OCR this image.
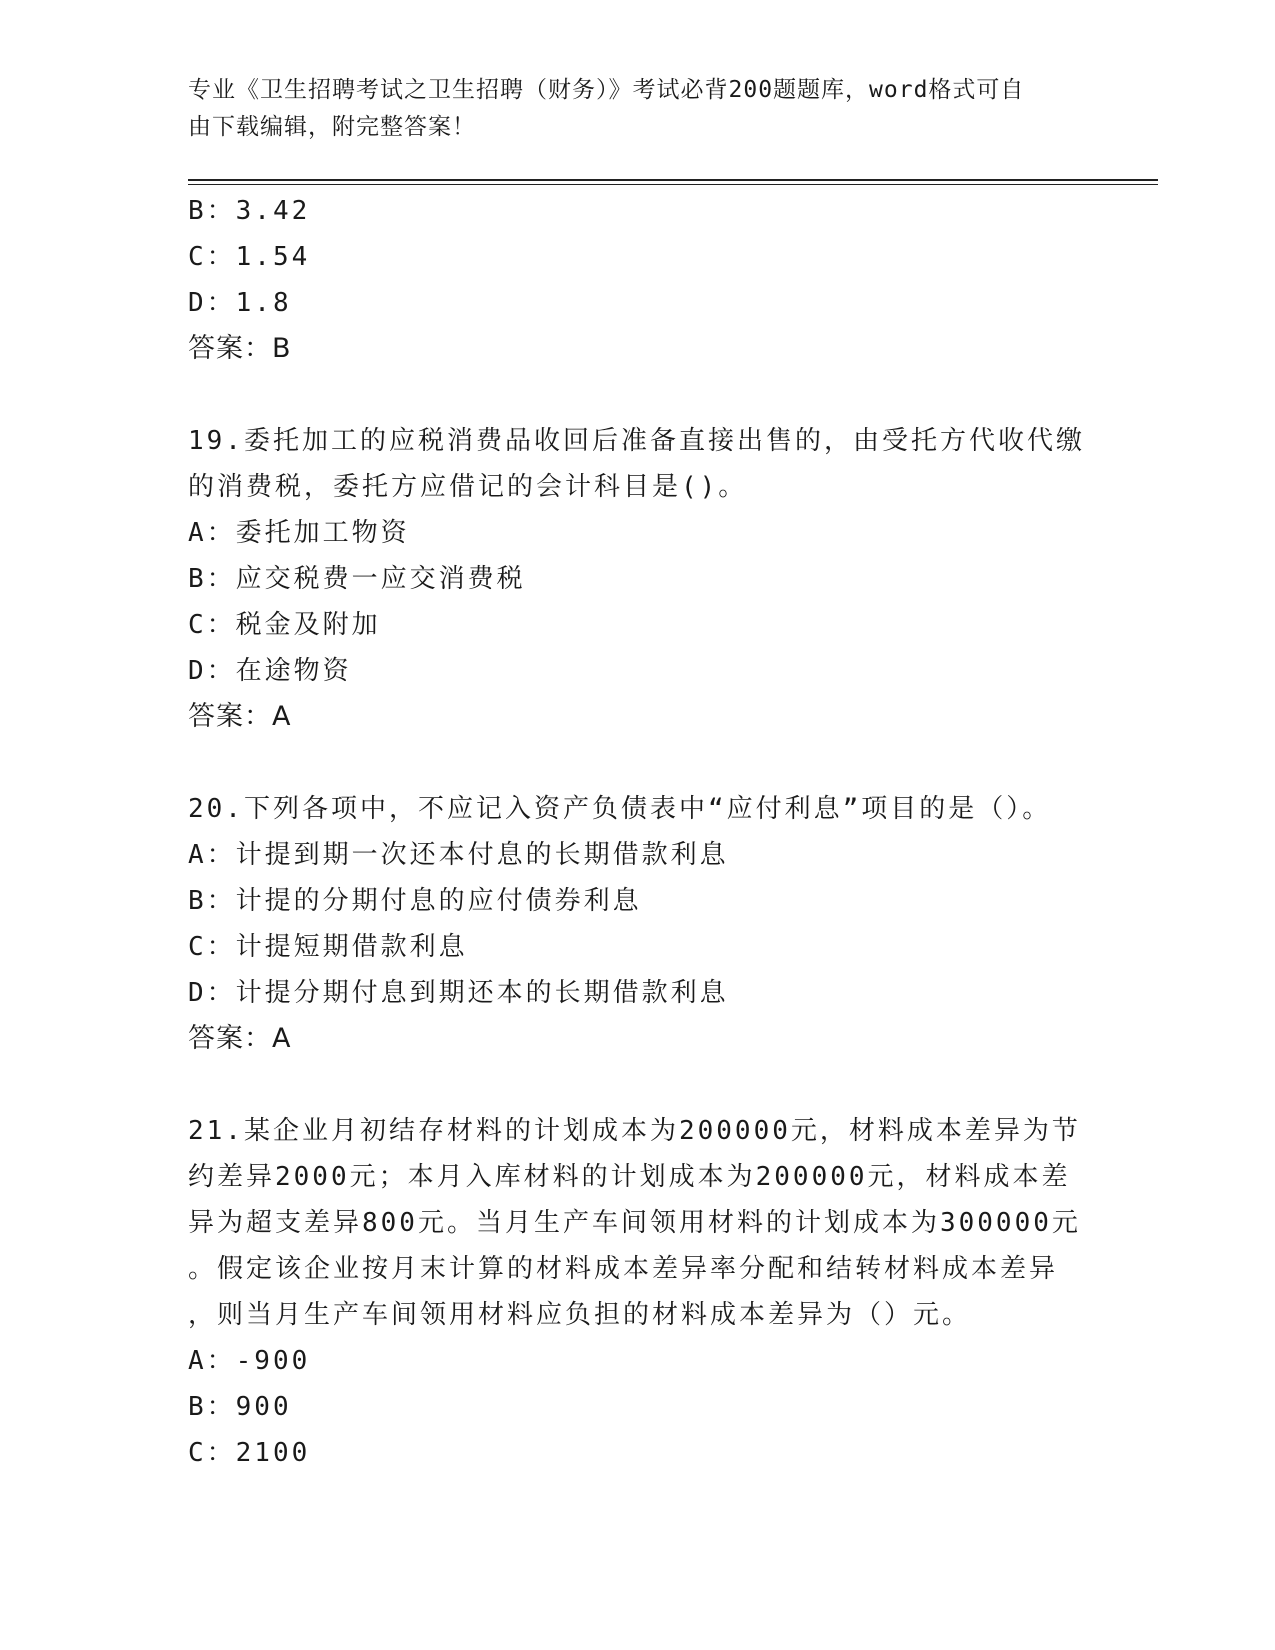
专业《卫生招聘考试之卫生招聘（财务）》考试必背200题题库，word格式可自
由下载编辑，附完整答案！
B：3.42
C：1.54
D：1.8
答案：B
19.委托加工的应税消费品收回后准备直接出售的，由受托方代收代缴
的消费税，委托方应借记的会计科目是()。
A：委托加工物资
B：应交税费一应交消费税
C：税金及附加
D：在途物资
答案：A
20.下列各项中，不应记入资产负债表中“应付利息”项目的是（）。
A：计提到期一次还本付息的长期借款利息
B：计提的分期付息的应付债券利息
C：计提短期借款利息
D：计提分期付息到期还本的长期借款利息
答案：A
21.某企业月初结存材料的计划成本为200000元，材料成本差异为节
约差异2000元；本月入库材料的计划成本为200000元，材料成本差
异为超支差异800元。当月生产车间领用材料的计划成本为300000元
。假定该企业按月末计算的材料成本差异率分配和结转材料成本差异
，则当月生产车间领用材料应负担的材料成本差异为（）元。
A：-900
B：900
C：2100
